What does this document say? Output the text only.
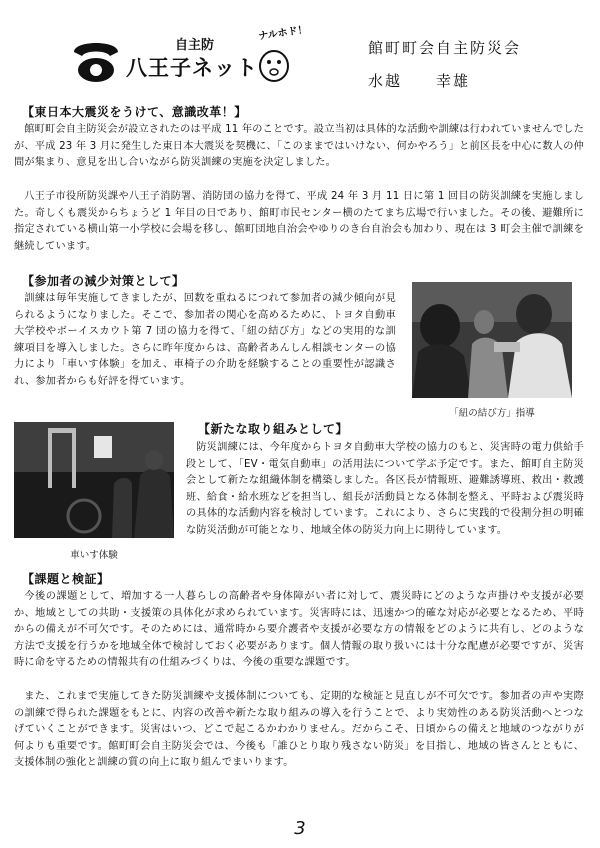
自主防
八王子ネット
ナルホド！
館町町会自主防災会
水越　　幸雄
【東日本大震災をうけて、意識改革！】

館町町会自主防災会が設立されたのは平成 11 年のことです。設立当初は具体的な活動や訓練は行われていませんでしたが、平成 23 年 3 月に発生した東日本大震災を契機に、「このままではいけない、何かやろう」と前区長を中心に数人の仲間が集まり、意見を出し合いながら防災訓練の実施を決定しました。

八王子市役所防災課や八王子消防署、消防団の協力を得て、平成 24 年 3 月 11 日に第 1 回目の防災訓練を実施しました。奇しくも震災からちょうど 1 年目の日であり、館町市民センター横のたてまち広場で行いました。その後、避難所に指定されている横山第一小学校に会場を移し、館町団地自治会やゆりのき台自治会も加わり、現在は 3 町会主催で訓練を継続しています。

【参加者の減少対策として】

訓練は毎年実施してきましたが、回数を重ねるにつれて参加者の減少傾向が見られるようになりました。そこで、参加者の関心を高めるために、トヨタ自動車大学校やボーイスカウト第 7 団の協力を得て、「紐の結び方」などの実用的な訓練項目を導入しました。さらに昨年度からは、高齢者あんしん相談センターの協力により「車いす体験」を加え、車椅子の介助を経験することの重要性が認識され、参加者からも好評を得ています。

「紐の結び方」指導
車いす体験
【新たな取り組みとして】

防災訓練には、今年度からトヨタ自動車大学校の協力のもと、災害時の電力供給手段として、「EV・電気自動車」の活用法について学ぶ予定です。また、館町自主防災会として新たな組織体制を構築しました。各区長が情報班、避難誘導班、救出・救護班、給食・給水班などを担当し、組長が活動員となる体制を整え、平時および震災時の具体的な活動内容を検討しています。これにより、さらに実践的で役割分担の明確な防災活動が可能となり、地域全体の防災力向上に期待しています。

【課題と検証】

今後の課題として、増加する一人暮らしの高齢者や身体障がい者に対して、震災時にどのような声掛けや支援が必要か、地域としての共助・支援策の具体化が求められています。災害時には、迅速かつ的確な対応が必要となるため、平時からの備えが不可欠です。そのためには、通常時から要介護者や支援が必要な方の情報をどのように共有し、どのような方法で支援を行うかを地域全体で検討しておく必要があります。個人情報の取り扱いには十分な配慮が必要ですが、災害時に命を守るための情報共有の仕組みづくりは、今後の重要な課題です。

また、これまで実施してきた防災訓練や支援体制についても、定期的な検証と見直しが不可欠です。参加者の声や実際の訓練で得られた課題をもとに、内容の改善や新たな取り組みの導入を行うことで、より実効性のある防災活動へとつなげていくことができます。災害はいつ、どこで起こるかわかりません。だからこそ、日頃からの備えと地域のつながりが何よりも重要です。館町町会自主防災会では、今後も「誰ひとり取り残さない防災」を目指し、地域の皆さんとともに、支援体制の強化と訓練の質の向上に取り組んでまいります。

3
